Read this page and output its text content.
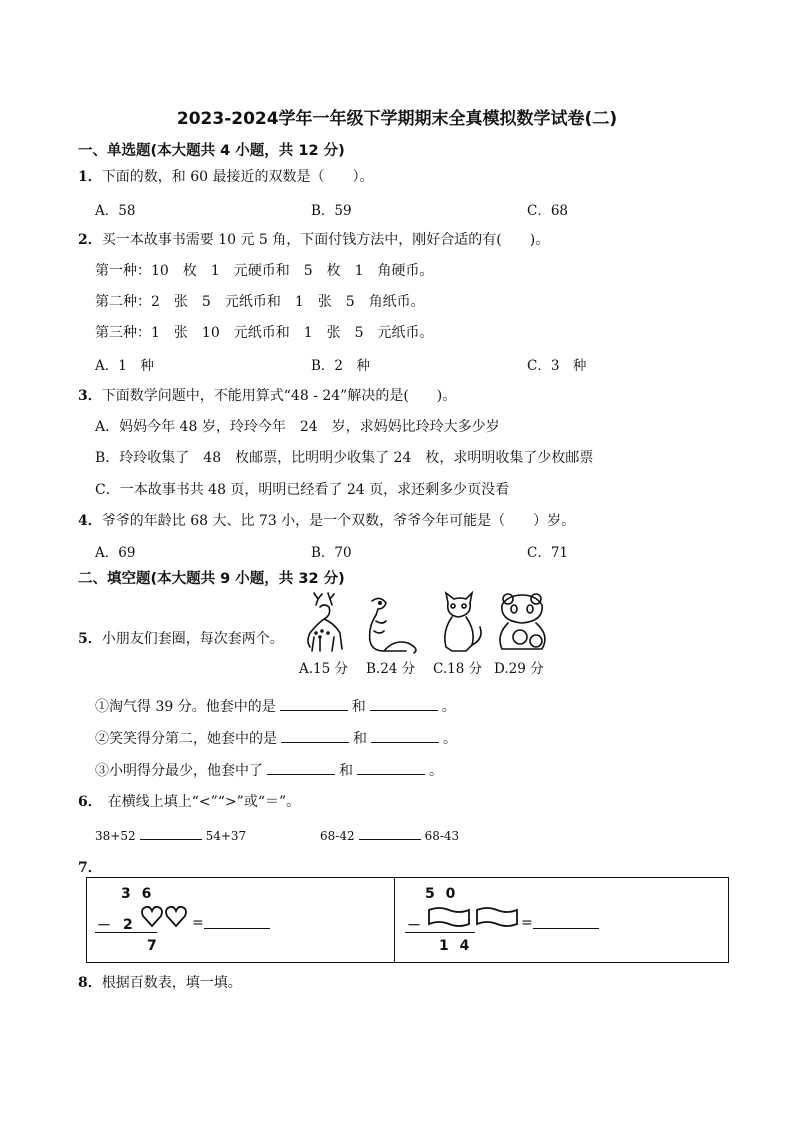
2023-2024学年一年级下学期期末全真模拟数学试卷(二)
一、单选题(本大题共 4 小题，共 12 分)
1．下面的数，和 60 最接近的双数是（　　）。
A．58	B．59	C．68
2．买一本故事书需要 10 元 5 角，下面付钱方法中，刚好合适的有(　　)。
第一种：10　枚　1　元硬币和　5　枚　1　角硬币。
第二种：2　张　5　元纸币和　1　张　5　角纸币。
第三种：1　张　10　元纸币和　1　张　5　元纸币。
A．1　种	B．2　种	C．3　种
3．下面数学问题中，不能用算式“48 - 24”解决的是(　　)。
A．妈妈今年 48 岁，玲玲今年　24　岁，求妈妈比玲玲大多少岁
B．玲玲收集了　48　枚邮票，比明明少收集了 24　枚，求明明收集了少枚邮票
C．一本故事书共 48 页，明明已经看了 24 页，求还剩多少页没看
4．爷爷的年龄比 68 大、比 73 小，是一个双数，爷爷今年可能是（　　）岁。
A．69	B．70	C．71
二、填空题(本大题共 9 小题，共 32 分)
5．小朋友们套圈，每次套两个。
A.15 分 B.24 分 C.18 分 D.29 分
①淘气得 39 分。他套中的是	和	。
②笑笑得分第二，她套中的是	和	。
③小明得分最少，他套中了	和	。
6． 在横线上填上“<”“>”或“＝”。
38+52	54+37	68-42	68-43
7．
3 6
－ 2	=
7
5 0
－	=
1 4
8．根据百数表，填一填。
